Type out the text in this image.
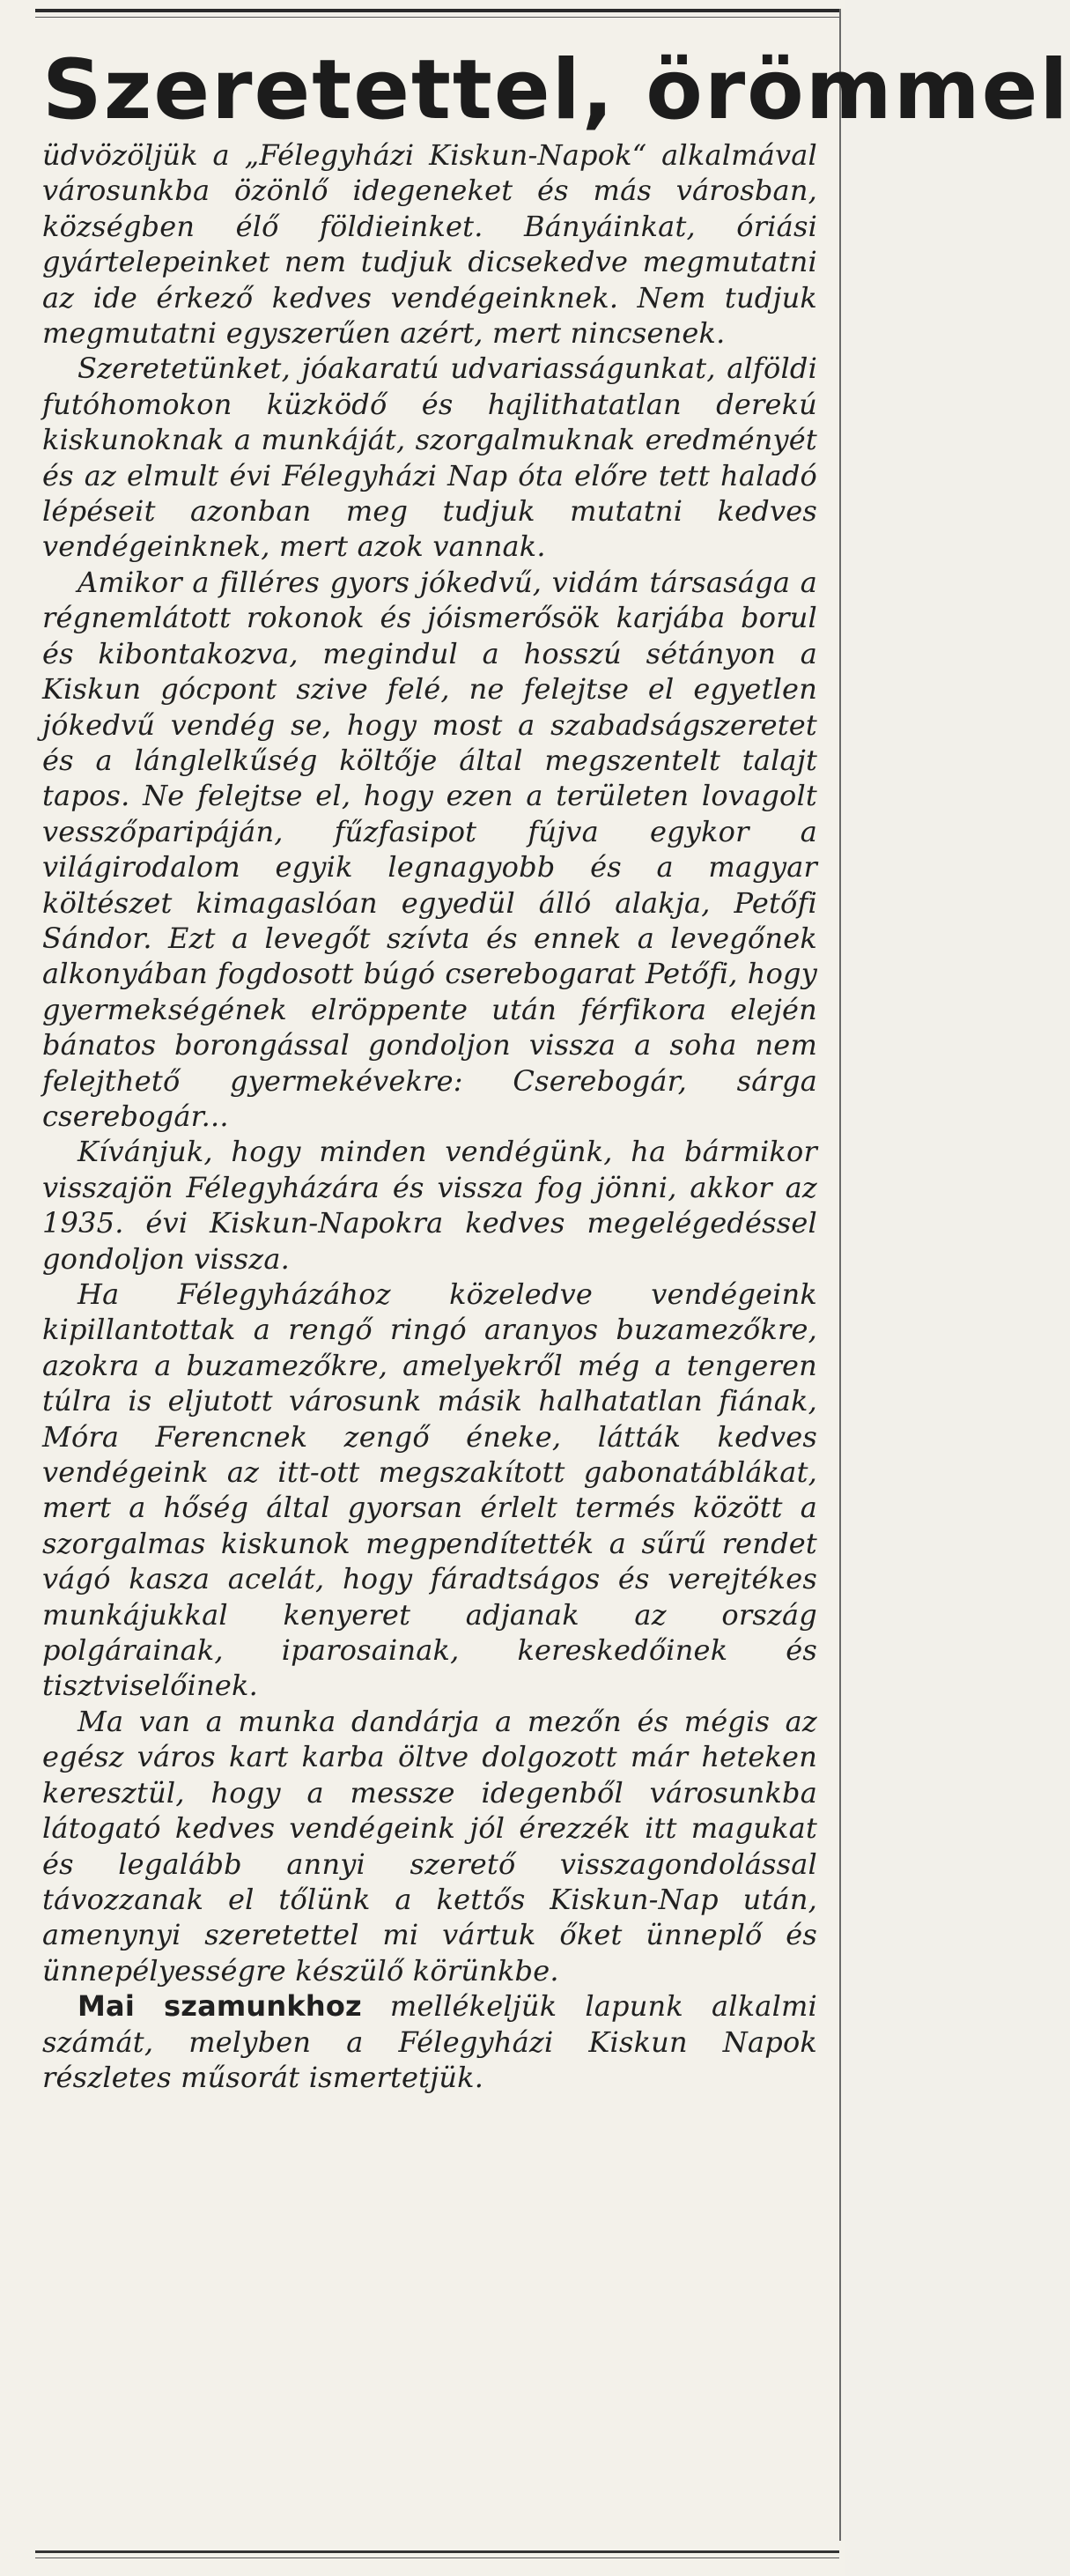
Szeretettel, örömmel

üdvözöljük a „Félegyházi Kiskun-Napok“ alkalmával városunkba özönlő idegeneket és más városban, községben élő földieinket. Bányáinkat, óriási gyártelepeinket nem tudjuk dicsekedve megmutatni az ide érkező kedves vendégeinknek. Nem tudjuk megmutatni egyszerűen azért, mert nincsenek.

Szeretetünket, jóakaratú udvariasságunkat, alföldi futóhomokon küzködő és hajlithatatlan derekú kiskunoknak a munkáját, szorgalmuknak eredményét és az elmult évi Félegyházi Nap óta előre tett haladó lépéseit azonban meg tudjuk mutatni kedves vendégeinknek, mert azok vannak.

Amikor a filléres gyors jókedvű, vidám társasága a régnemlátott rokonok és jóismerősök karjába borul és kibontakozva, megindul a hosszú sétányon a Kiskun gócpont szive felé, ne felejtse el egyetlen jókedvű vendég se, hogy most a szabadságszeretet és a lánglelkűség költője által megszentelt talajt tapos. Ne felejtse el, hogy ezen a területen lovagolt vesszőparipáján, fűzfasipot fújva egykor a világirodalom egyik legnagyobb és a magyar költészet kimagaslóan egyedül álló alakja, Petőfi Sándor. Ezt a levegőt szívta és ennek a levegőnek alkonyában fogdosott búgó cserebogarat Petőfi, hogy gyermekségének elröppente után férfikora elején bánatos borongással gondoljon vissza a soha nem felejthető gyermekévekre: Cserebogár, sárga cserebogár...

Kívánjuk, hogy minden vendégünk, ha bármikor visszajön Félegyházára és vissza fog jönni, akkor az 1935. évi Kiskun-Napokra kedves megelégedéssel gondoljon vissza.

Ha Félegyházához közeledve vendégeink kipillantottak a rengő ringó aranyos buzamezőkre, azokra a buzamezőkre, amelyekről még a tengeren túlra is eljutott városunk másik halhatatlan fiának, Móra Ferencnek zengő éneke, látták kedves vendégeink az itt-ott megszakított gabonatáblákat, mert a hőség által gyorsan érlelt termés között a szorgalmas kiskunok megpendítették a sűrű rendet vágó kasza acelát, hogy fáradtságos és verejtékes munkájukkal kenyeret adjanak az ország polgárainak, iparosainak, kereskedőinek és tisztviselőinek.

Ma van a munka dandárja a mezőn és mégis az egész város kart karba öltve dolgozott már heteken keresztül, hogy a messze idegenből városunkba látogató kedves vendégeink jól érezzék itt magukat és legalább annyi szerető visszagondolással távozzanak el tőlünk a kettős Kiskun-Nap után, amenynyi szeretettel mi vártuk őket ünneplő és ünnepélyességre készülő körünkbe.

Mai szamunkhoz mellékeljük lapunk alkalmi számát, melyben a Félegyházi Kiskun Napok részletes műsorát ismertetjük.
